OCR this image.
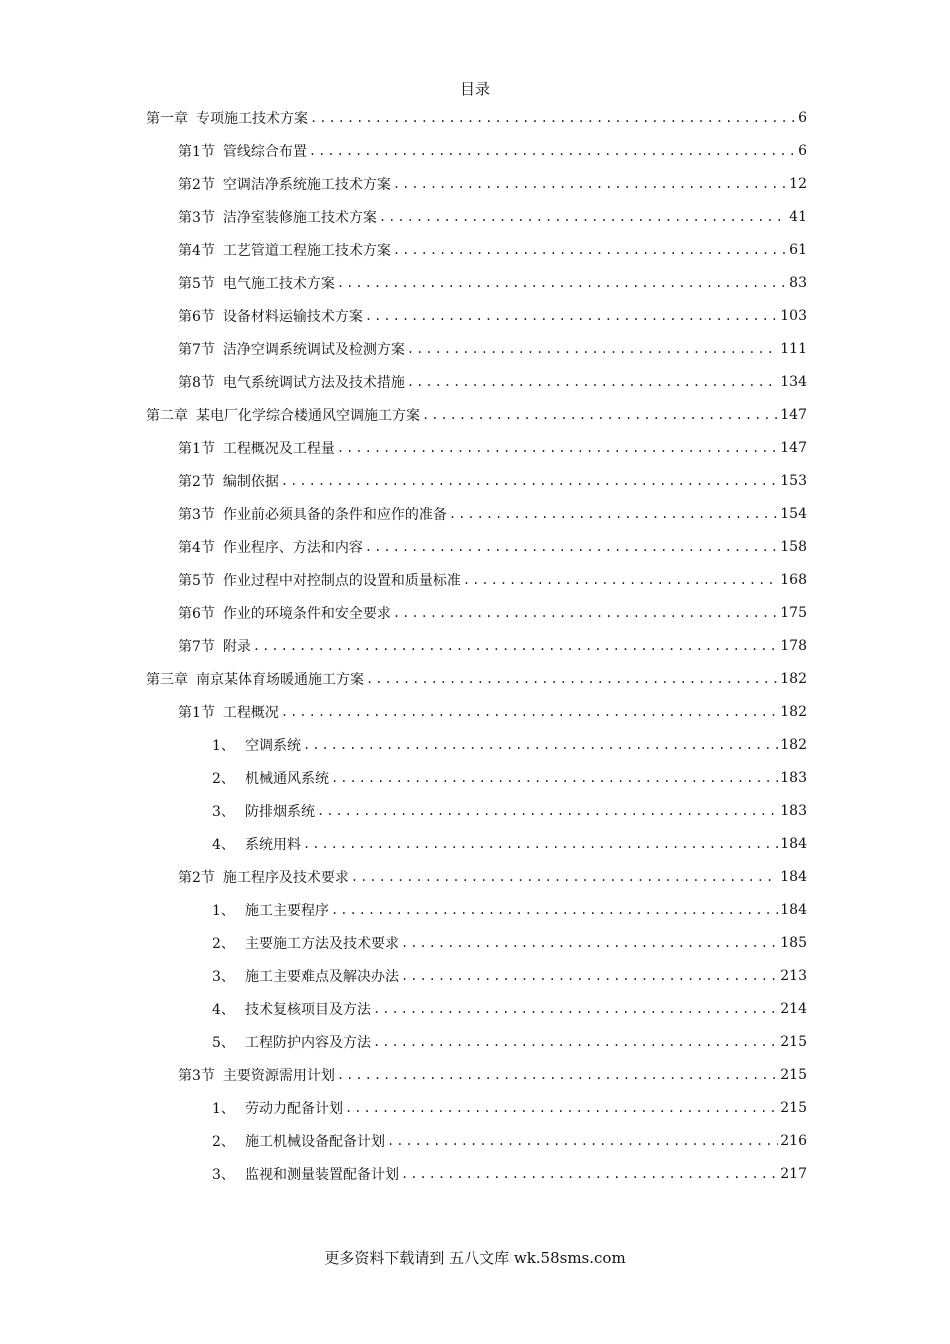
目录
第一章 专项施工技术方案 .....	6
第1节 管线综合布置 .....	6
第2节 空调洁净系统施工技术方案 .....	12
第3节 洁净室装修施工技术方案 .....	41
第4节 工艺管道工程施工技术方案 .....	61
第5节 电气施工技术方案 .....	83
第6节 设备材料运输技术方案 .....	103
第7节 洁净空调系统调试及检测方案 .....	111
第8节 电气系统调试方法及技术措施 .....	134
第二章 某电厂化学综合楼通风空调施工方案 .....	147
第1节 工程概况及工程量 .....	147
第2节 编制依据 .....	153
第3节 作业前必须具备的条件和应作的准备 .....	154
第4节 作业程序、方法和内容 .....	158
第5节 作业过程中对控制点的设置和质量标准 .....	168
第6节 作业的环境条件和安全要求 .....	175
第7节 附录 .....	178
第三章 南京某体育场暖通施工方案 .....	182
第1节 工程概况 .....	182
1、 空调系统 .....	182
2、 机械通风系统 .....	183
3、 防排烟系统 .....	183
4、 系统用料 .....	184
第2节 施工程序及技术要求 .....	184
1、 施工主要程序 .....	184
2、 主要施工方法及技术要求 .....	185
3、 施工主要难点及解决办法 .....	213
4、 技术复核项目及方法 .....	214
5、 工程防护内容及方法 .....	215
第3节 主要资源需用计划 .....	215
1、 劳动力配备计划 .....	215
2、 施工机械设备配备计划 .....	216
3、 监视和测量装置配备计划 .....	217
更多资料下载请到 五八文库 wk.58sms.com
